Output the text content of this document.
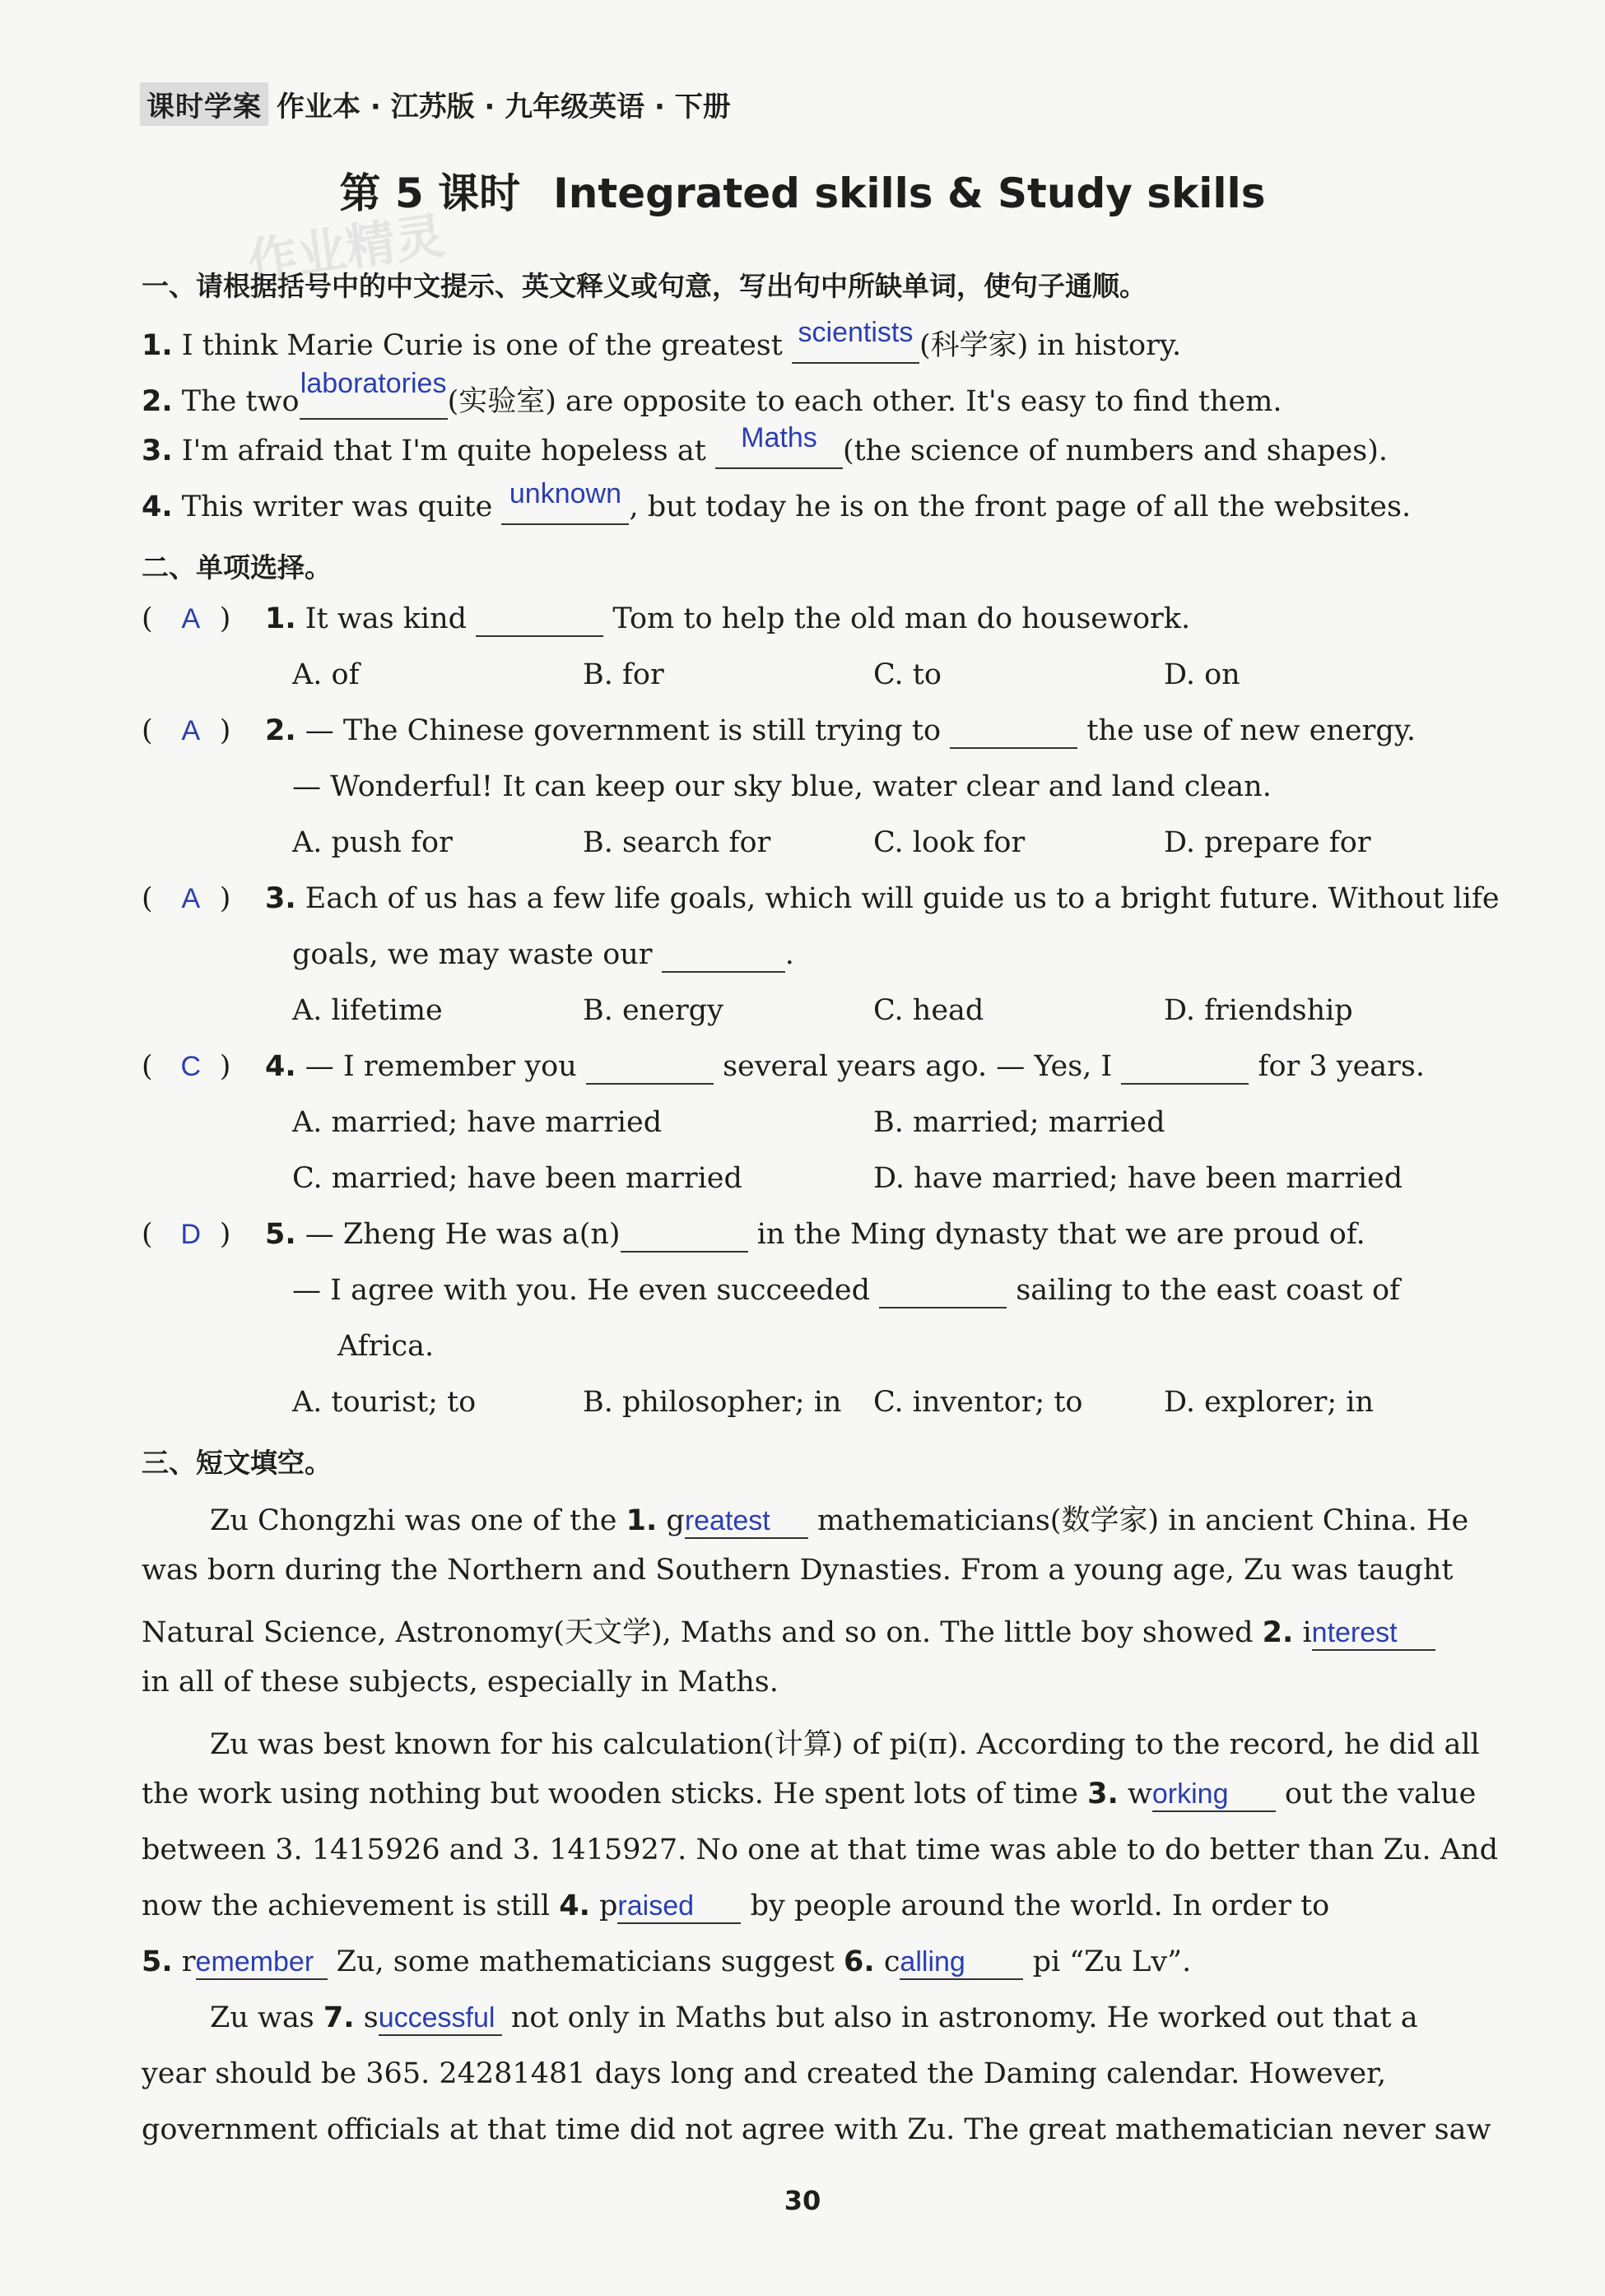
课时学案 作业本 · 江苏版 · 九年级英语 · 下册
第 5 课时 Integrated skills & Study skills
作业精灵
一、请根据括号中的中文提示、英文释义或句意，写出句中所缺单词，使句子通顺。
1. I think Marie Curie is one of the greatest scientists (科学家) in history.
2. The two
laboratories
(实验室) are opposite to each other. It's easy to find them.
3. I'm afraid that I'm quite hopeless at	Maths (the science of numbers and shapes).
4. This writer was quite unknown , but today he is on the front page of all the websites.
二、单项选择。
( A ) 1. It was kind	Tom to help the old man do housework.
A. of	B. for	C. to	D. on
( A ) 2. — The Chinese government is still trying to	the use of new energy.
— Wonderful! It can keep our sky blue, water clear and land clean.
A. push for	B. search for	C. look for	D. prepare for
( A ) 3. Each of us has a few life goals, which will guide us to a bright future. Without life
goals, we may waste our	.
A. lifetime	B. energy	C. head	D. friendship
( C ) 4. — I remember you	several years ago. — Yes, I	for 3 years.
A. married; have married	B. married; married
C. married; have been married	D. have married; have been married
( D ) 5. — Zheng He was a(n)	in the Ming dynasty that we are proud of.
— I agree with you. He even succeeded	sailing to the east coast of
Africa.
A. tourist; to	B. philosopher; in C. inventor; to	D. explorer; in
三、短文填空。
Zu Chongzhi was one of the 1. greatest mathematicians(数学家) in ancient China. He
was born during the Northern and Southern Dynasties. From a young age, Zu was taught
Natural Science, Astronomy(天文学), Maths and so on. The little boy showed 2. interest
in all of these subjects, especially in Maths.
Zu was best known for his calculation(计算) of pi(π). According to the record, he did all
the work using nothing but wooden sticks. He spent lots of time 3. working out the value
between 3. 1415926 and 3. 1415927. No one at that time was able to do better than Zu. And
now the achievement is still 4. praised by people around the world. In order to
5. remember Zu, some mathematicians suggest 6. calling pi “Zu Lv”.
Zu was 7. successful not only in Maths but also in astronomy. He worked out that a
year should be 365. 24281481 days long and created the Daming calendar. However,
government officials at that time did not agree with Zu. The great mathematician never saw
30
